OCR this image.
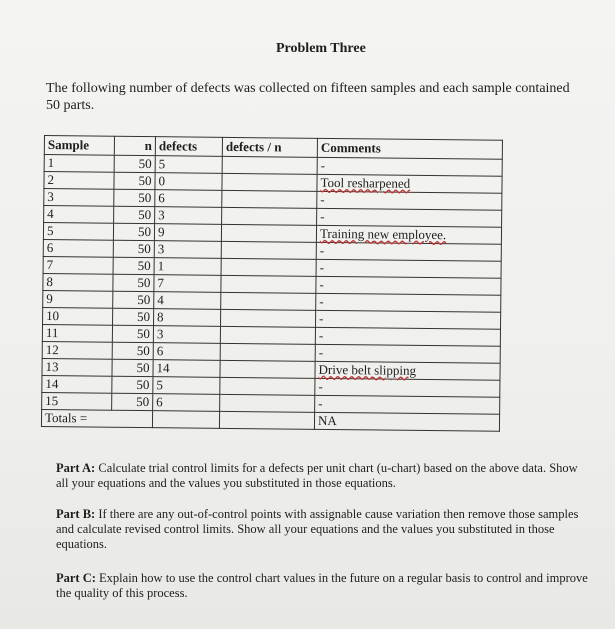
Problem Three
The following number of defects was collected on fifteen samples and each sample contained 50 parts.
Sample	n	defects	defects / n	Comments
1	50	5		-
2	50	0		Tool resharpened
3	50	6		-
4	50	3		-
5	50	9		Training new employee.
6	50	3		-
7	50	1		-
8	50	7		-
9	50	4		-
10	50	8		-
11	50	3		-
12	50	6		-
13	50	14		Drive belt slipping
14	50	5		-
15	50	6		-
Totals =				NA
Part A: Calculate trial control limits for a defects per unit chart (u-chart) based on the above data. Show all your equations and the values you substituted in those equations.
Part B: If there are any out-of-control points with assignable cause variation then remove those samples and calculate revised control limits. Show all your equations and the values you substituted in those equations.
Part C: Explain how to use the control chart values in the future on a regular basis to control and improve the quality of this process.
